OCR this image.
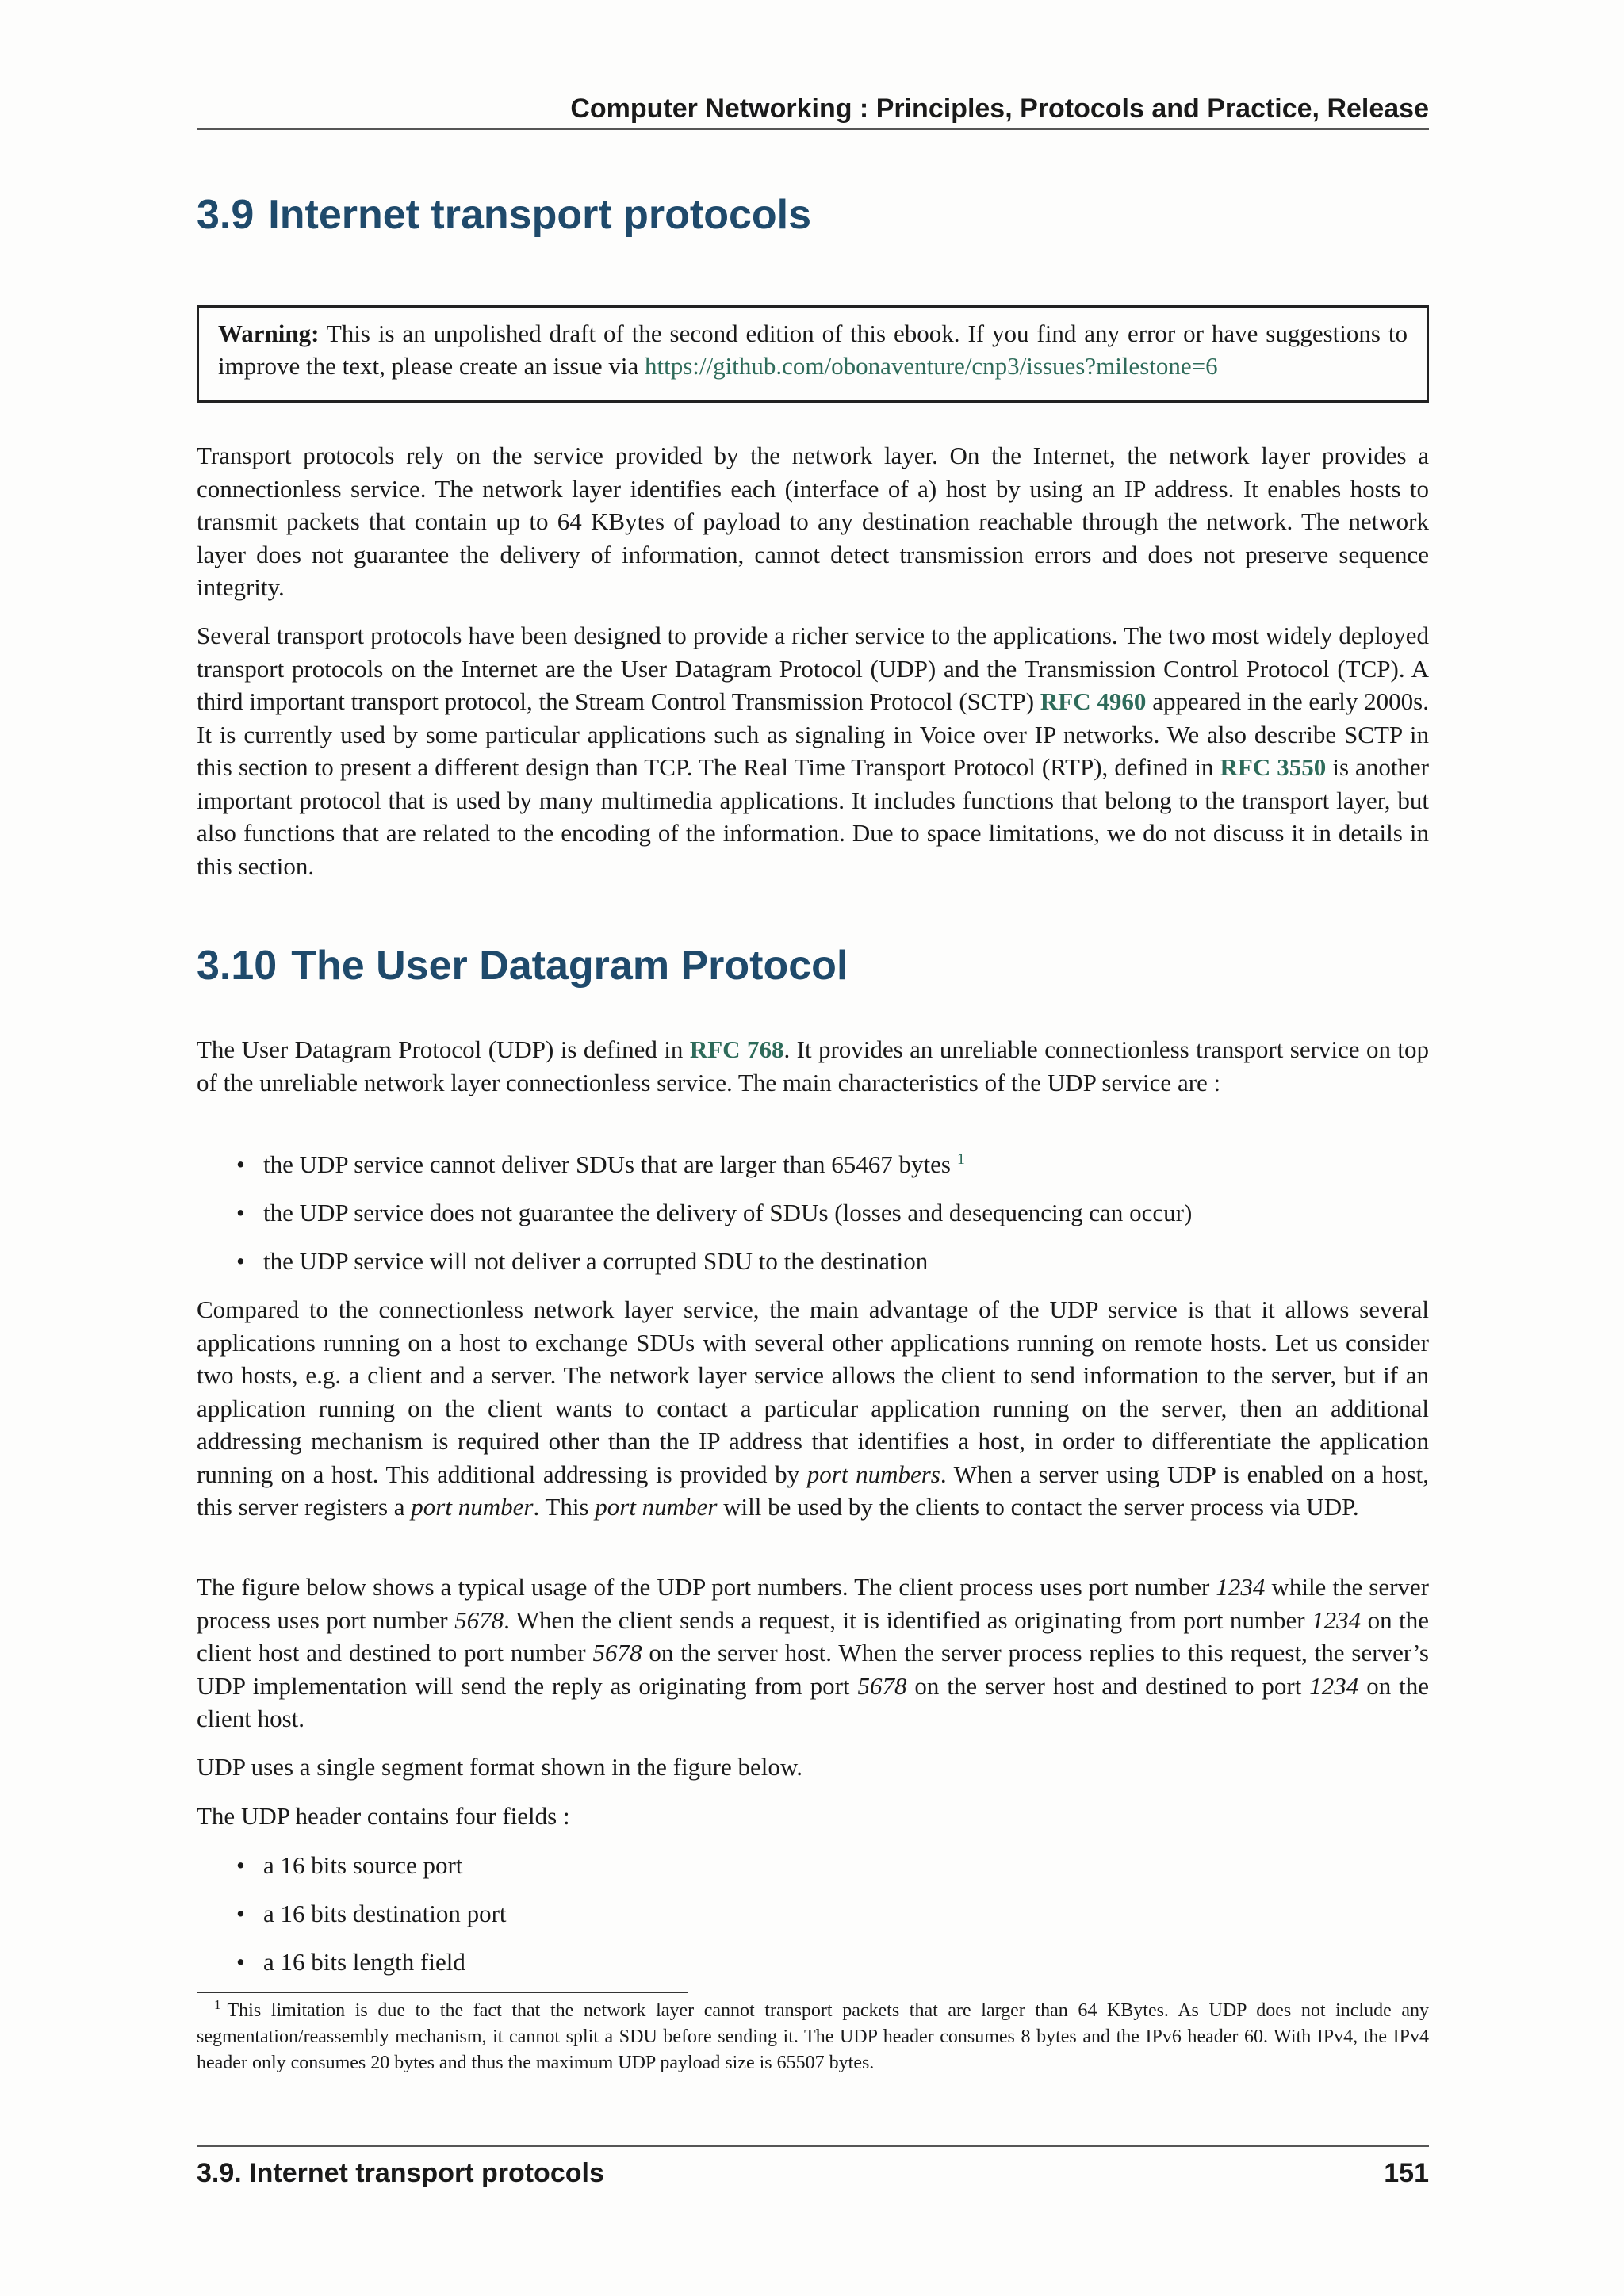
Computer Networking : Principles, Protocols and Practice, Release
3.9 Internet transport protocols
Warning: This is an unpolished draft of the second edition of this ebook. If you find any error or have suggestions to improve the text, please create an issue via https://github.com/obonaventure/cnp3/issues?milestone=6

Transport protocols rely on the service provided by the network layer. On the Internet, the network layer provides a connectionless service. The network layer identifies each (interface of a) host by using an IP address. It enables hosts to transmit packets that contain up to 64 KBytes of payload to any destination reachable through the network. The network layer does not guarantee the delivery of information, cannot detect transmission errors and does not preserve sequence integrity.

Several transport protocols have been designed to provide a richer service to the applications. The two most widely deployed transport protocols on the Internet are the User Datagram Protocol (UDP) and the Transmission Control Protocol (TCP). A third important transport protocol, the Stream Control Transmission Protocol (SCTP) RFC 4960 appeared in the early 2000s. It is currently used by some particular applications such as signaling in Voice over IP networks. We also describe SCTP in this section to present a different design than TCP. The Real Time Transport Protocol (RTP), defined in RFC 3550 is another important protocol that is used by many multimedia applications. It includes functions that belong to the transport layer, but also functions that are related to the encoding of the information. Due to space limitations, we do not discuss it in details in this section.

3.10 The User Datagram Protocol

The User Datagram Protocol (UDP) is defined in RFC 768. It provides an unreliable connectionless transport service on top of the unreliable network layer connectionless service. The main characteristics of the UDP service are :

• the UDP service cannot deliver SDUs that are larger than 65467 bytes $^1$
• the UDP service does not guarantee the delivery of SDUs (losses and desequencing can occur)
• the UDP service will not deliver a corrupted SDU to the destination

Compared to the connectionless network layer service, the main advantage of the UDP service is that it allows several applications running on a host to exchange SDUs with several other applications running on remote hosts. Let us consider two hosts, e.g. a client and a server. The network layer service allows the client to send information to the server, but if an application running on the client wants to contact a particular application running on the server, then an additional addressing mechanism is required other than the IP address that identifies a host, in order to differentiate the application running on a host. This additional addressing is provided by port numbers. When a server using UDP is enabled on a host, this server registers a port number. This port number will be used by the clients to contact the server process via UDP.

The figure below shows a typical usage of the UDP port numbers. The client process uses port number 1234 while the server process uses port number 5678. When the client sends a request, it is identified as originating from port number 1234 on the client host and destined to port number 5678 on the server host. When the server process replies to this request, the server’s UDP implementation will send the reply as originating from port 5678 on the server host and destined to port 1234 on the client host.

UDP uses a single segment format shown in the figure below.

The UDP header contains four fields :

• a 16 bits source port
• a 16 bits destination port
• a 16 bits length field

$^1$ This limitation is due to the fact that the network layer cannot transport packets that are larger than 64 KBytes. As UDP does not include any segmentation/reassembly mechanism, it cannot split a SDU before sending it. The UDP header consumes 8 bytes and the IPv6 header 60. With IPv4, the IPv4 header only consumes 20 bytes and thus the maximum UDP payload size is 65507 bytes.

3.9. Internet transport protocols	151
